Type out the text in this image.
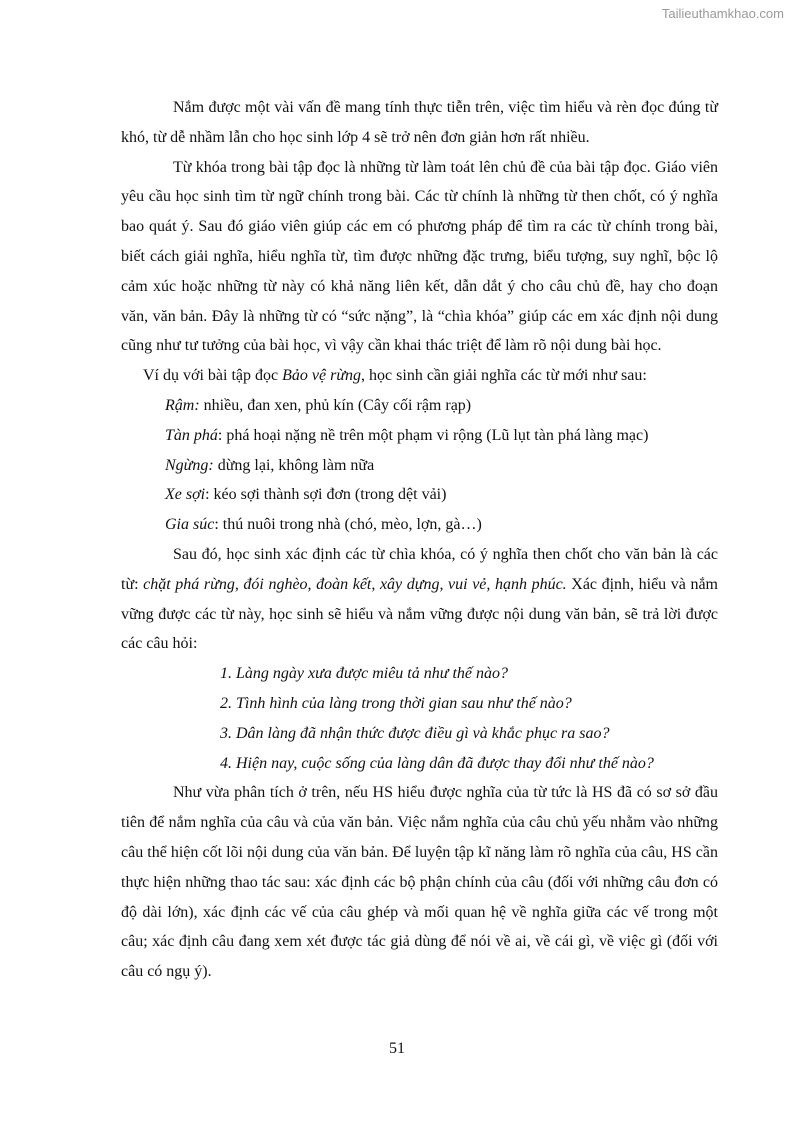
Tailieuthamkhao.com

Nắm được một vài vấn đề mang tính thực tiễn trên, việc tìm hiểu và rèn đọc đúng từ khó, từ dễ nhầm lẫn cho học sinh lớp 4 sẽ trở nên đơn giản hơn rất nhiều.

Từ khóa trong bài tập đọc là những từ làm toát lên chủ đề của bài tập đọc. Giáo viên yêu cầu học sinh tìm từ ngữ chính trong bài. Các từ chính là những từ then chốt, có ý nghĩa bao quát ý. Sau đó giáo viên giúp các em có phương pháp để tìm ra các từ chính trong bài, biết cách giải nghĩa, hiểu nghĩa từ, tìm được những đặc trưng, biểu tượng, suy nghĩ, bộc lộ cảm xúc hoặc những từ này có khả năng liên kết, dẫn dắt ý cho câu chủ đề, hay cho đoạn văn, văn bản. Đây là những từ có “sức nặng”, là “chìa khóa” giúp các em xác định nội dung cũng như tư tưởng của bài học, vì vậy cần khai thác triệt để làm rõ nội dung bài học.

Ví dụ với bài tập đọc Bảo vệ rừng, học sinh cần giải nghĩa các từ mới như sau:

Rậm: nhiều, đan xen, phủ kín (Cây cối rậm rạp)

Tàn phá: phá hoại nặng nề trên một phạm vi rộng (Lũ lụt tàn phá làng mạc)

Ngừng: dừng lại, không làm nữa

Xe sợi: kéo sợi thành sợi đơn (trong dệt vải)

Gia súc: thú nuôi trong nhà (chó, mèo, lợn, gà…)

Sau đó, học sinh xác định các từ chìa khóa, có ý nghĩa then chốt cho văn bản là các từ: chặt phá rừng, đói nghèo, đoàn kết, xây dựng, vui vẻ, hạnh phúc. Xác định, hiểu và nắm vững được các từ này, học sinh sẽ hiểu và nắm vững được nội dung văn bản, sẽ trả lời được các câu hỏi:

1. Làng ngày xưa được miêu tả như thế nào?

2. Tình hình của làng trong thời gian sau như thế nào?

3. Dân làng đã nhận thức được điều gì và khắc phục ra sao?

4. Hiện nay, cuộc sống của làng dân đã được thay đổi như thế nào?

Như vừa phân tích ở trên, nếu HS hiểu được nghĩa của từ tức là HS đã có sơ sở đầu tiên để nắm nghĩa của câu và của văn bản. Việc nắm nghĩa của câu chủ yếu nhằm vào những câu thể hiện cốt lõi nội dung của văn bản. Để luyện tập kĩ năng làm rõ nghĩa của câu, HS cần thực hiện những thao tác sau: xác định các bộ phận chính của câu (đối với những câu đơn có độ dài lớn), xác định các vế của câu ghép và mối quan hệ về nghĩa giữa các vế trong một câu; xác định câu đang xem xét được tác giả dùng để nói về ai, về cái gì, về việc gì (đối với câu có ngụ ý).

51
